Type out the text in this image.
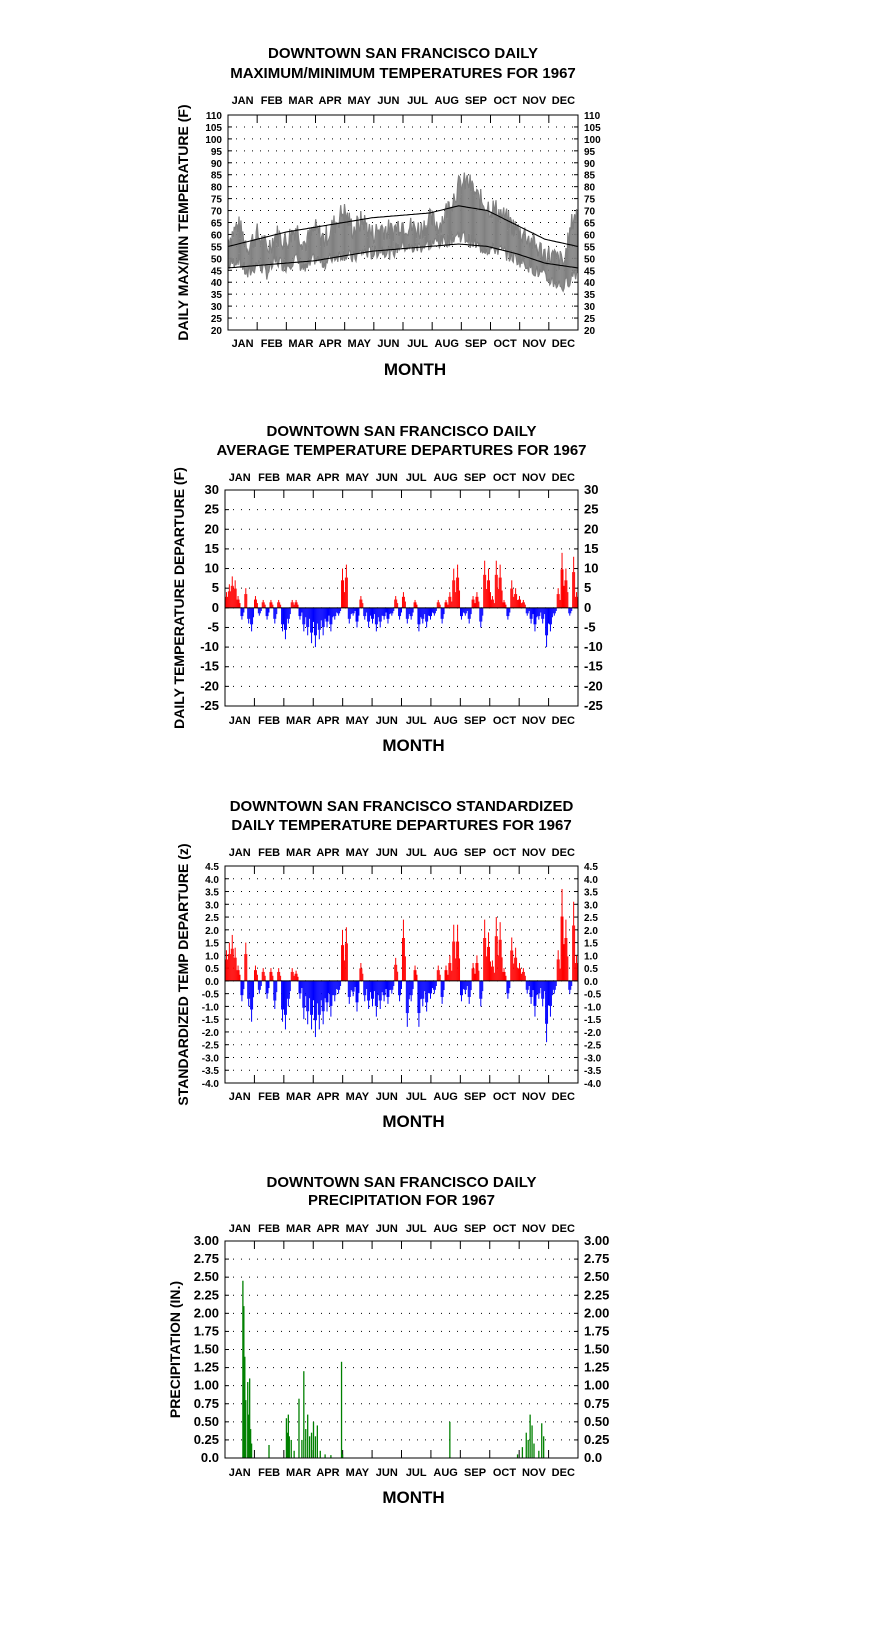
DOWNTOWN SAN FRANCISCO DAILY
MAXIMUM/MINIMUM TEMPERATURES FOR 1967
110	110
105	105
100	100
95	95
90	90
85	85
80	80
75	75
70	70
65	65
60	60
55	55
50	50
45	45
40	40
35	35
30	30
25	25
20	20
JAN
JAN
FEB
FEB
MAR
MAR
APR
APR
MAY
MAY
JUN
JUN
JUL
JUL
AUG
AUG
SEP
SEP
OCT
OCT
NOV
NOV
DEC
DEC
DAILY MAX/MIN TEMPERATURE (F)
MONTH
DOWNTOWN SAN FRANCISCO DAILY
AVERAGE TEMPERATURE DEPARTURES FOR 1967
30	30
25	25
20	20
15	15
10	10
5	5
0	0
-5	-5
-10	-10
-15	-15
-20	-20
-25	-25
JAN
JAN
FEB
FEB
MAR
MAR
APR
APR
MAY
MAY
JUN
JUN
JUL
JUL
AUG
AUG
SEP
SEP
OCT
OCT
NOV
NOV
DEC
DEC
DAILY TEMPERATURE DEPARTURE (F)
MONTH
DOWNTOWN SAN FRANCISCO STANDARDIZED
DAILY TEMPERATURE DEPARTURES FOR 1967
4.5	4.5
4.0	4.0
3.5	3.5
3.0	3.0
2.5	2.5
2.0	2.0
1.5	1.5
1.0	1.0
0.5	0.5
0.0	0.0
-0.5	-0.5
-1.0	-1.0
-1.5	-1.5
-2.0	-2.0
-2.5	-2.5
-3.0	-3.0
-3.5	-3.5
-4.0	-4.0
JAN
JAN
FEB
FEB
MAR
MAR
APR
APR
MAY
MAY
JUN
JUN
JUL
JUL
AUG
AUG
SEP
SEP
OCT
OCT
NOV
NOV
DEC
DEC
STANDARDIZED TEMP DEPARTURE (z)
MONTH
DOWNTOWN SAN FRANCISCO DAILY
PRECIPITATION FOR 1967
3.00	3.00
2.75	2.75
2.50	2.50
2.25	2.25
2.00	2.00
1.75	1.75
1.50	1.50
1.25	1.25
1.00	1.00
0.75	0.75
0.50	0.50
0.25	0.25
0.0	0.0
JAN
JAN
FEB
FEB
MAR
MAR
APR
APR
MAY
MAY
JUN
JUN
JUL
JUL
AUG
AUG
SEP
SEP
OCT
OCT
NOV
NOV
DEC
DEC
PRECIPITATION (IN.)
MONTH
